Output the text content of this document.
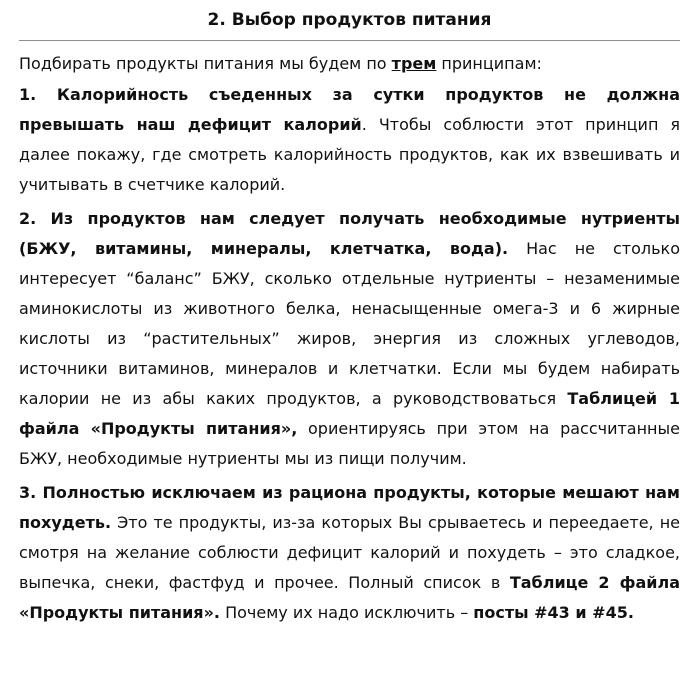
2. Выбор продуктов питания

Подбирать продукты питания мы будем по трем принципам:

1. Калорийность съеденных за сутки продуктов не должна превышать наш дефицит калорий. Чтобы соблюсти этот принцип я далее покажу, где смотреть калорийность продуктов, как их взвешивать и учитывать в счетчике калорий.

2. Из продуктов нам следует получать необходимые нутриенты (БЖУ, витамины, минералы, клетчатка, вода). Нас не столько интересует “баланс” БЖУ, сколько отдельные нутриенты – незаменимые аминокислоты из животного белка, ненасыщенные омега-3 и 6 жирные кислоты из “растительных” жиров, энергия из сложных углеводов, источники витаминов, минералов и клетчатки. Если мы будем набирать калории не из абы каких продуктов, а руководствоваться Таблицей 1 файла «Продукты питания», ориентируясь при этом на рассчитанные БЖУ, необходимые нутриенты мы из пищи получим.

3. Полностью исключаем из рациона продукты, которые мешают нам похудеть. Это те продукты, из-за которых Вы срываетесь и переедаете, не смотря на желание соблюсти дефицит калорий и похудеть – это сладкое, выпечка, снеки, фастфуд и прочее. Полный список в Таблице 2 файла «Продукты питания». Почему их надо исключить – посты #43 и #45.
